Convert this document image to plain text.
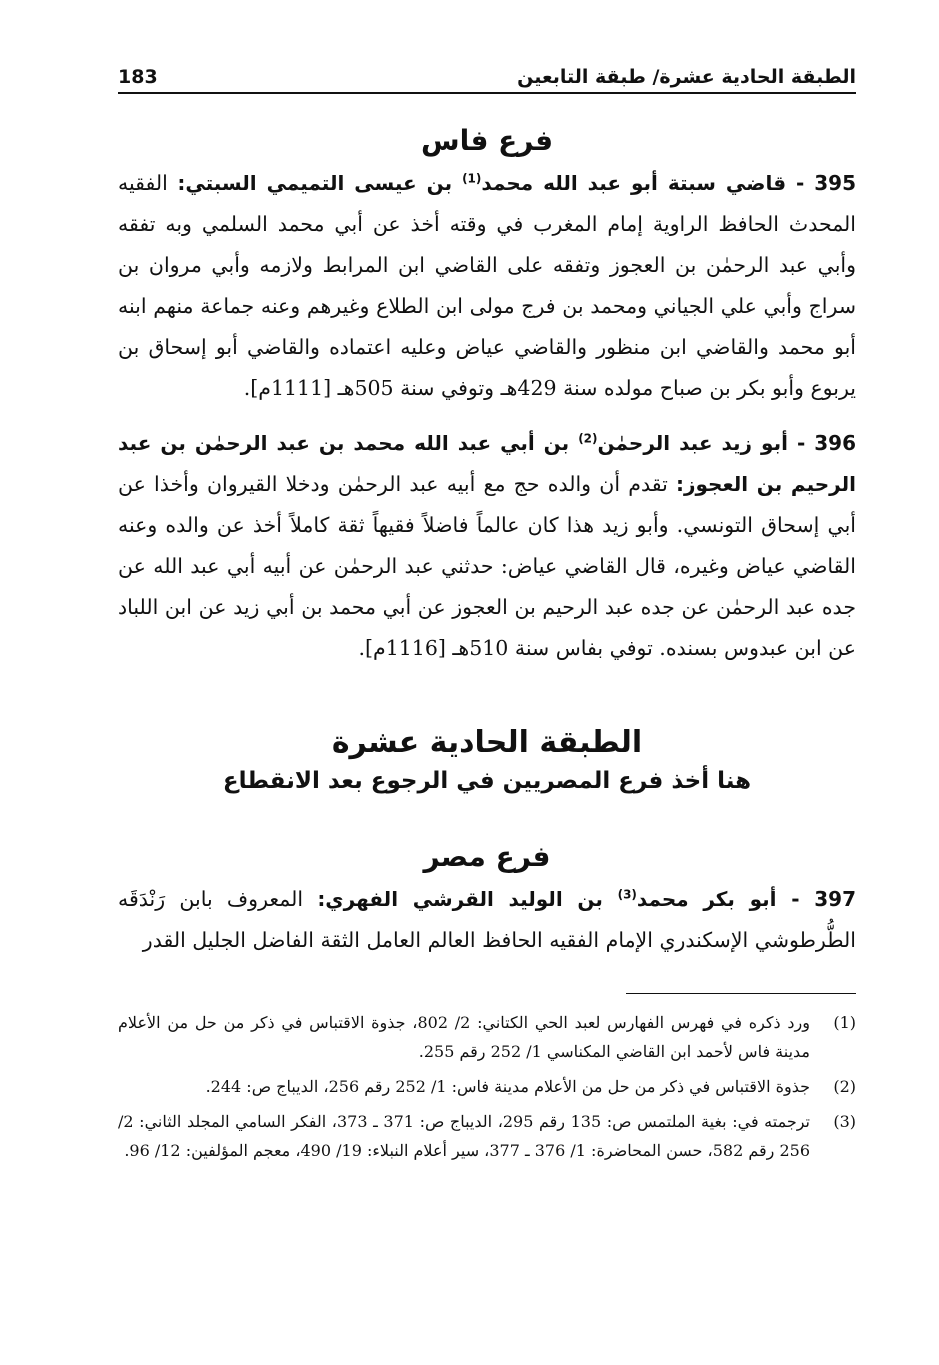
الطبقة الحادية عشرة/ طبقة التابعين
183
فرع فاس

395 - قاضي سبتة أبو عبد الله محمد$^{(1)}$ بن عيسى التميمي السبتي: الفقيه المحدث الحافظ الراوية إمام المغرب في وقته أخذ عن أبي محمد السلمي وبه تفقه وأبي عبد الرحمٰن بن العجوز وتفقه على القاضي ابن المرابط ولازمه وأبي مروان بن سراج وأبي علي الجياني ومحمد بن فرج مولى ابن الطلاع وغيرهم وعنه جماعة منهم ابنه أبو محمد والقاضي ابن منظور والقاضي عياض وعليه اعتماده والقاضي أبو إسحاق بن يربوع وأبو بكر بن صباح مولده سنة 429هـ وتوفي سنة 505هـ [1111م].

396 - أبو زيد عبد الرحمٰن$^{(2)}$ بن أبي عبد الله محمد بن عبد الرحمٰن بن عبد الرحيم بن العجوز: تقدم أن والده حج مع أبيه عبد الرحمٰن ودخلا القيروان وأخذا عن أبي إسحاق التونسي. وأبو زيد هذا كان عالماً فاضلاً فقيهاً ثقة كاملاً أخذ عن والده وعنه القاضي عياض وغيره، قال القاضي عياض: حدثني عبد الرحمٰن عن أبيه أبي عبد الله عن جده عبد الرحمٰن عن جده عبد الرحيم بن العجوز عن أبي محمد بن أبي زيد عن ابن اللباد عن ابن عبدوس بسنده. توفي بفاس سنة 510هـ [1116م].

الطبقة الحادية عشرة
هنا أخذ فرع المصريين في الرجوع بعد الانقطاع
فرع مصر

397 - أبو بكر محمد$^{(3)}$ بن الوليد القرشي الفهري: المعروف بابن رَنْدَقَه الطُّرطوشي الإسكندري الإمام الفقيه الحافظ العالم العامل الثقة الفاضل الجليل القدر

(1)
ورد ذكره في فهرس الفهارس لعبد الحي الكتاني: 2/ 802، جذوة الاقتباس في ذكر من حل من الأعلام مدينة فاس لأحمد ابن القاضي المكناسي 1/ 252 رقم 255.
(2)
جذوة الاقتباس في ذكر من حل من الأعلام مدينة فاس: 1/ 252 رقم 256، الديباج ص: 244.
(3)
ترجمته في: بغية الملتمس ص: 135 رقم 295، الديباج ص: 371 ـ 373، الفكر السامي المجلد الثاني: 2/ 256 رقم 582، حسن المحاضرة: 1/ 376 ـ 377، سير أعلام النبلاء: 19/ 490، معجم المؤلفين: 12/ 96.
